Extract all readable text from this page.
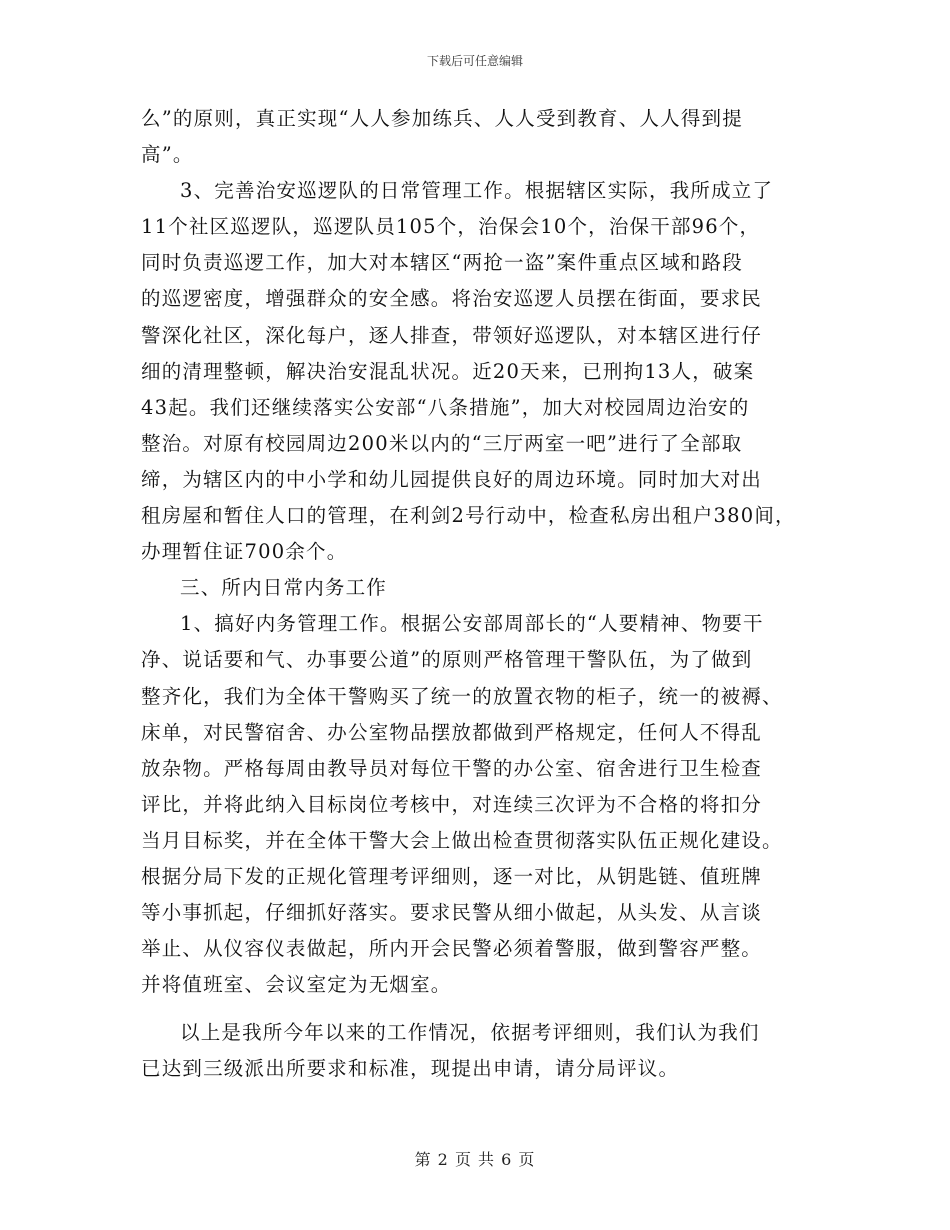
下载后可任意编辑
么”的原则，真正实现“人人参加练兵、人人受到教育、人人得到提
高”。
3、完善治安巡逻队的日常管理工作。根据辖区实际，我所成立了
11个社区巡逻队，巡逻队员105个，治保会10个，治保干部96个，
同时负责巡逻工作，加大对本辖区“两抢一盗”案件重点区域和路段
的巡逻密度，增强群众的安全感。将治安巡逻人员摆在街面，要求民
警深化社区，深化每户，逐人排查，带领好巡逻队，对本辖区进行仔
细的清理整顿，解决治安混乱状况。近20天来，已刑拘13人，破案
43起。我们还继续落实公安部“八条措施”，加大对校园周边治安的
整治。对原有校园周边200米以内的“三厅两室一吧”进行了全部取
缔，为辖区内的中小学和幼儿园提供良好的周边环境。同时加大对出
租房屋和暂住人口的管理，在利剑2号行动中，检查私房出租户380间，
办理暂住证700余个。
三、所内日常内务工作
1、搞好内务管理工作。根据公安部周部长的“人要精神、物要干
净、说话要和气、办事要公道”的原则严格管理干警队伍，为了做到
整齐化，我们为全体干警购买了统一的放置衣物的柜子，统一的被褥、
床单，对民警宿舍、办公室物品摆放都做到严格规定，任何人不得乱
放杂物。严格每周由教导员对每位干警的办公室、宿舍进行卫生检查
评比，并将此纳入目标岗位考核中，对连续三次评为不合格的将扣分
当月目标奖，并在全体干警大会上做出检查贯彻落实队伍正规化建设。
根据分局下发的正规化管理考评细则，逐一对比，从钥匙链、值班牌
等小事抓起，仔细抓好落实。要求民警从细小做起，从头发、从言谈
举止、从仪容仪表做起，所内开会民警必须着警服，做到警容严整。
并将值班室、会议室定为无烟室。
以上是我所今年以来的工作情况，依据考评细则，我们认为我们
已达到三级派出所要求和标准，现提出申请，请分局评议。
第 2 页 共 6 页
